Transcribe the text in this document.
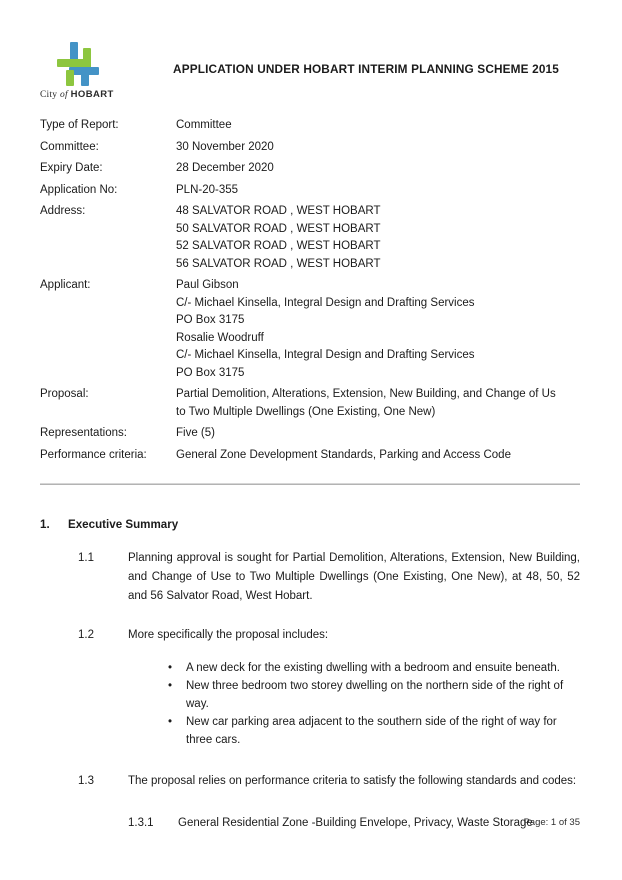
City of HOBART
APPLICATION UNDER HOBART INTERIM PLANNING SCHEME 2015
Type of Report:	Committee
Committee:	30 November 2020
Expiry Date:	28 December 2020
Application No:	PLN-20-355
Address:	48 SALVATOR ROAD , WEST HOBART
50 SALVATOR ROAD , WEST HOBART
52 SALVATOR ROAD , WEST HOBART
56 SALVATOR ROAD , WEST HOBART
Applicant:	Paul Gibson
C/- Michael Kinsella, Integral Design and Drafting Services
PO Box 3175
Rosalie Woodruff
C/- Michael Kinsella, Integral Design and Drafting Services
PO Box 3175
Proposal:	Partial Demolition, Alterations, Extension, New Building, and Change of Us
to Two Multiple Dwellings (One Existing, One New)
Representations:	Five (5)
Performance criteria:	General Zone Development Standards, Parking and Access Code
1.	Executive Summary
1.1	Planning approval is sought for Partial Demolition, Alterations, Extension, New Building, and Change of Use to Two Multiple Dwellings (One Existing, One New), at 48, 50, 52 and 56 Salvator Road, West Hobart.
1.2	More specifically the proposal includes:
•	A new deck for the existing dwelling with a bedroom and ensuite beneath.
•	New three bedroom two storey dwelling on the northern side of the right of way.
•	New car parking area adjacent to the southern side of the right of way for three cars.
1.3	The proposal relies on performance criteria to satisfy the following standards and codes:
1.3.1	General Residential Zone -Building Envelope, Privacy, Waste Storage
Page: 1 of 35
